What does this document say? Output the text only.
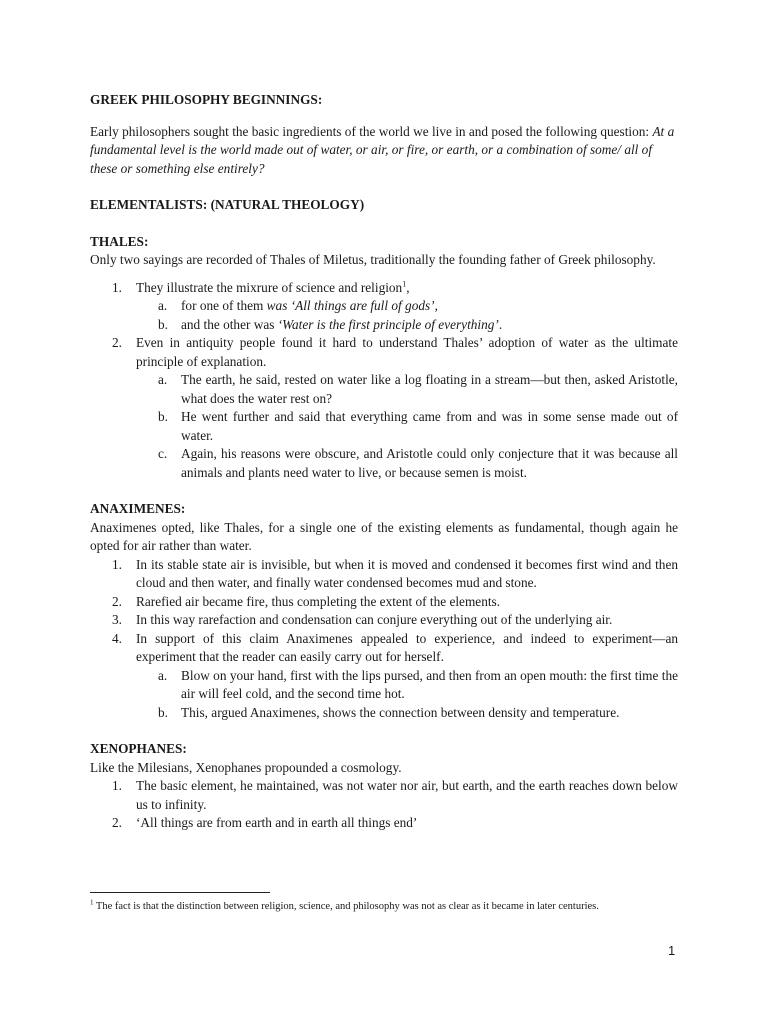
GREEK PHILOSOPHY BEGINNINGS:

Early philosophers sought the basic ingredients of the world we live in and posed the following question: At a fundamental level is the world made out of water, or air, or fire, or earth, or a combination of some/ all of these or something else entirely?

ELEMENTALISTS: (NATURAL THEOLOGY)

THALES:

Only two sayings are recorded of Thales of Miletus, traditionally the founding father of Greek philosophy.

1. They illustrate the mixrure of science and religion$^1$,
a. for one of them was ‘All things are full of gods’,
b. and the other was ‘Water is the first principle of everything’.
2. Even in antiquity people found it hard to understand Thales’ adoption of water as the ultimate principle of explanation.
a. The earth, he said, rested on water like a log floating in a stream—but then, asked Aristotle, what does the water rest on?
b. He went further and said that everything came from and was in some sense made out of water.
c. Again, his reasons were obscure, and Aristotle could only conjecture that it was because all animals and plants need water to live, or because semen is moist.

ANAXIMENES:

Anaximenes opted, like Thales, for a single one of the existing elements as fundamental, though again he opted for air rather than water.

1. In its stable state air is invisible, but when it is moved and condensed it becomes first wind and then cloud and then water, and finally water condensed becomes mud and stone.
2. Rarefied air became fire, thus completing the extent of the elements.
3. In this way rarefaction and condensation can conjure everything out of the underlying air.
4. In support of this claim Anaximenes appealed to experience, and indeed to experiment—an experiment that the reader can easily carry out for herself.
a. Blow on your hand, first with the lips pursed, and then from an open mouth: the first time the air will feel cold, and the second time hot.
b. This, argued Anaximenes, shows the connection between density and temperature.

XENOPHANES:

Like the Milesians, Xenophanes propounded a cosmology.

1. The basic element, he maintained, was not water nor air, but earth, and the earth reaches down below us to infinity.
2. ‘All things are from earth and in earth all things end’

$^1$ The fact is that the distinction between religion, science, and philosophy was not as clear as it became in later centuries.

1
